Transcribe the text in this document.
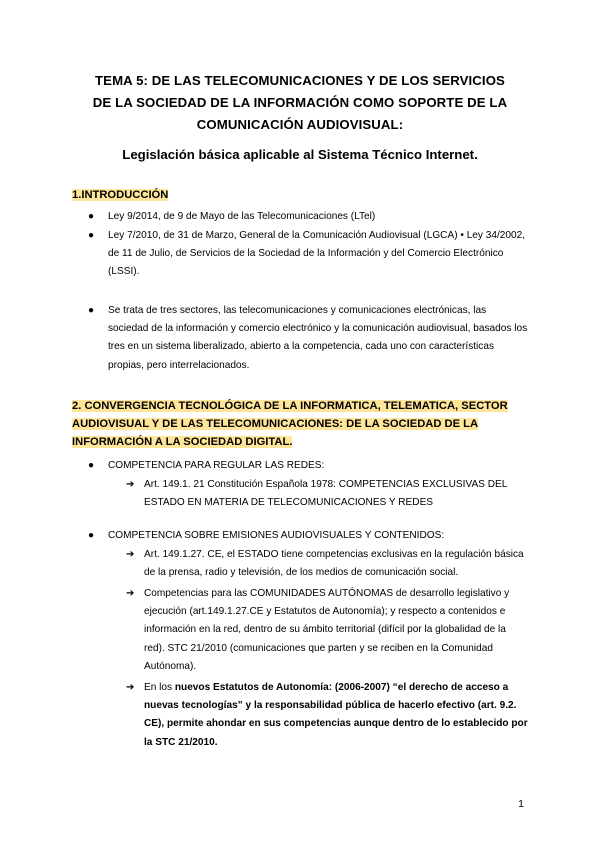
TEMA 5: DE LAS TELECOMUNICACIONES Y DE LOS SERVICIOS
DE LA SOCIEDAD DE LA INFORMACIÓN COMO SOPORTE DE LA
COMUNICACIÓN AUDIOVISUAL:
Legislación básica aplicable al Sistema Técnico Internet.
1.INTRODUCCIÓN
● Ley 9/2014, de 9 de Mayo de las Telecomunicaciones (LTel)
● Ley 7/2010, de 31 de Marzo, General de la Comunicación Audiovisual (LGCA) • Ley 34/2002, de 11 de Julio, de Servicios de la Sociedad de la Información y del Comercio Electrónico (LSSI).
● Se trata de tres sectores, las telecomunicaciones y comunicaciones electrónicas, las sociedad de la información y comercio electrónico y la comunicación audiovisual, basados los tres en un sistema liberalizado, abierto a la competencia, cada uno con características propias, pero interrelacionados.
2. CONVERGENCIA TECNOLÓGICA DE LA INFORMATICA, TELEMATICA, SECTOR
AUDIOVISUAL Y DE LAS TELECOMUNICACIONES: DE LA SOCIEDAD DE LA
INFORMACIÓN A LA SOCIEDAD DIGITAL.
● COMPETENCIA PARA REGULAR LAS REDES:
➔ Art. 149.1. 21 Constitución Española 1978: COMPETENCIAS EXCLUSIVAS DEL ESTADO EN MATERIA DE TELECOMUNICACIONES Y REDES
● COMPETENCIA SOBRE EMISIONES AUDIOVISUALES Y CONTENIDOS:
➔ Art. 149.1.27. CE, el ESTADO tiene competencias exclusivas en la regulación básica de la prensa, radio y televisión, de los medios de comunicación social.
➔ Competencias para las COMUNIDADES AUTÓNOMAS de desarrollo legislativo y ejecución (art.149.1.27.CE y Estatutos de Autonomía); y respecto a contenidos e información en la red, dentro de su ámbito territorial (difícil por la globalidad de la red). STC 21/2010 (comunicaciones que parten y se reciben en la Comunidad Autónoma).
➔ En los nuevos Estatutos de Autonomía: (2006-2007) “el derecho de acceso a nuevas tecnologías” y la responsabilidad pública de hacerlo efectivo (art. 9.2. CE), permite ahondar en sus competencias aunque dentro de lo establecido por la STC 21/2010.
1
